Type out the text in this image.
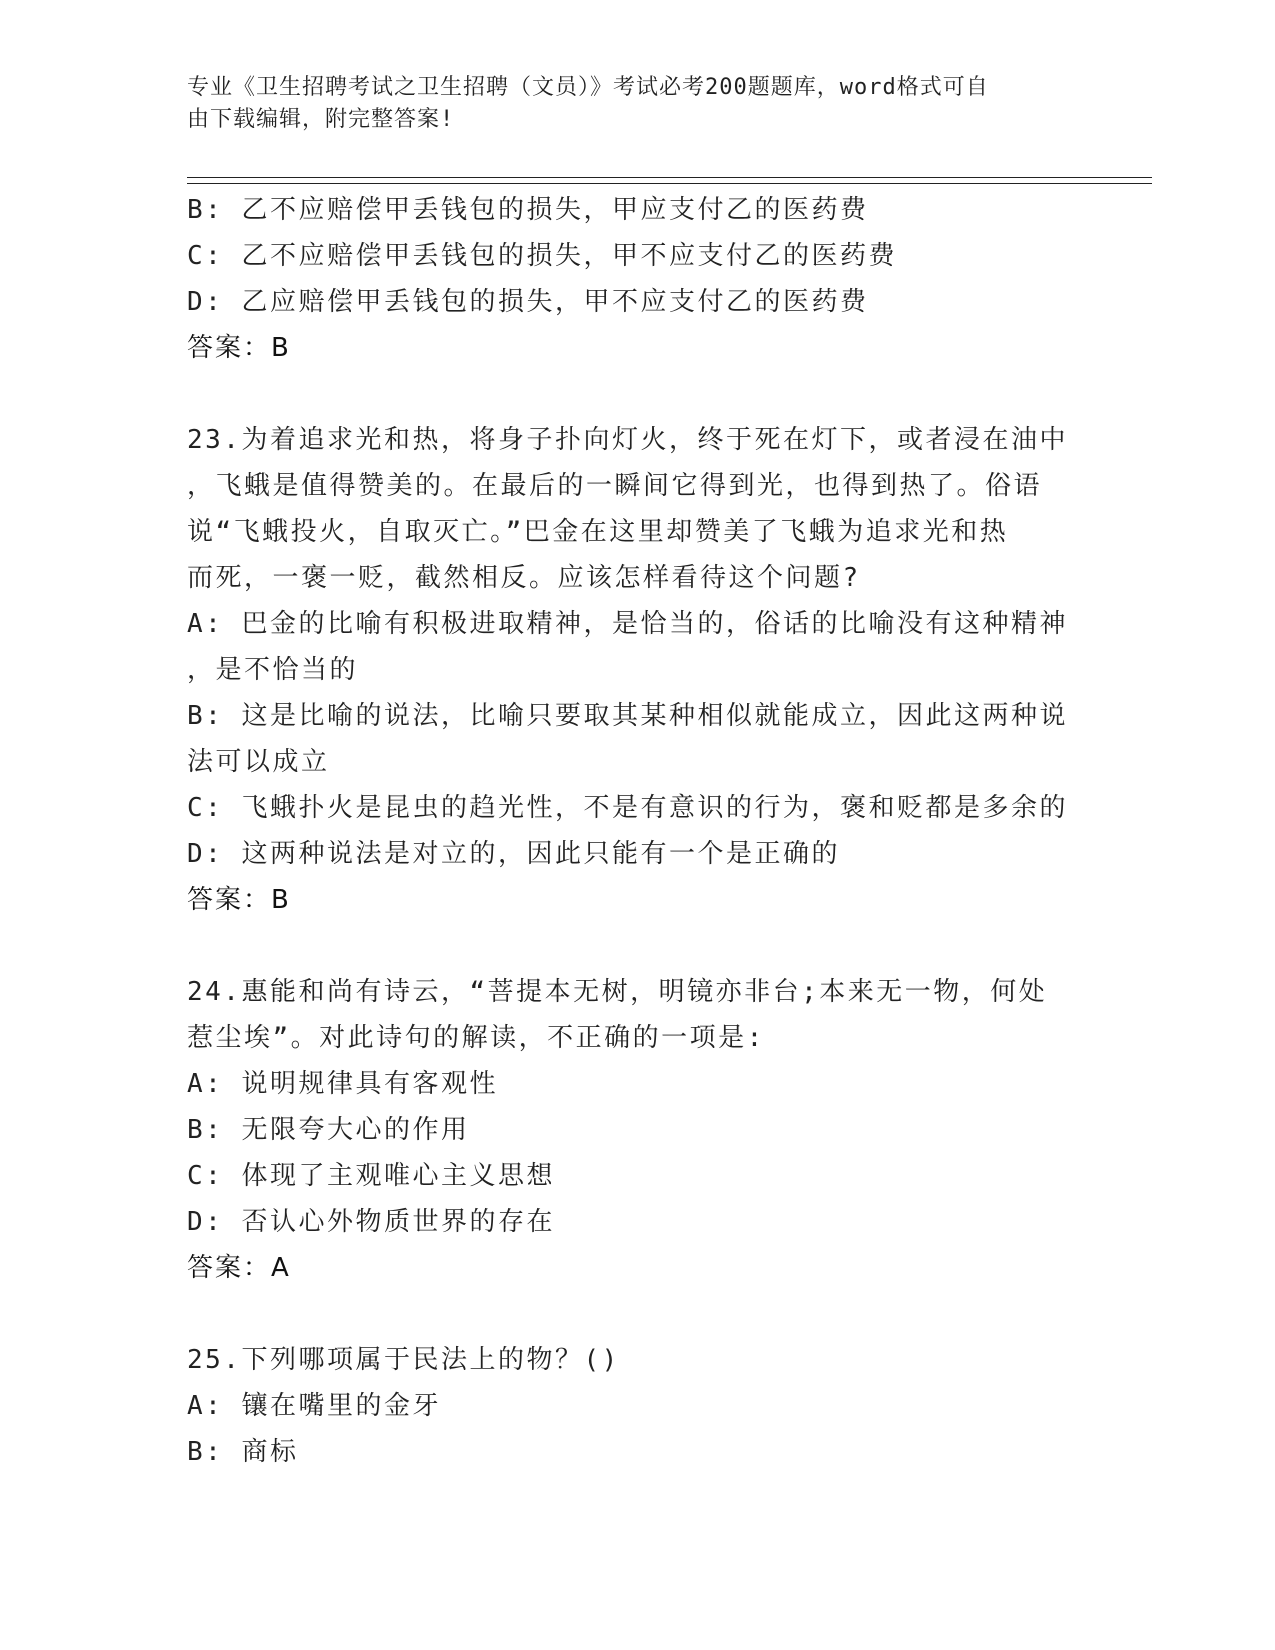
专业《卫生招聘考试之卫生招聘（文员）》考试必考200题题库，word格式可自
由下载编辑，附完整答案!
B: 乙不应赔偿甲丢钱包的损失，甲应支付乙的医药费
C: 乙不应赔偿甲丢钱包的损失，甲不应支付乙的医药费
D: 乙应赔偿甲丢钱包的损失，甲不应支付乙的医药费
答案：B
23.为着追求光和热，将身子扑向灯火，终于死在灯下，或者浸在油中
，飞蛾是值得赞美的。在最后的一瞬间它得到光，也得到热了。俗语
说“飞蛾投火，自取灭亡。”巴金在这里却赞美了飞蛾为追求光和热
而死，一褒一贬，截然相反。应该怎样看待这个问题?
A: 巴金的比喻有积极进取精神，是恰当的，俗话的比喻没有这种精神
，是不恰当的
B: 这是比喻的说法，比喻只要取其某种相似就能成立，因此这两种说
法可以成立
C: 飞蛾扑火是昆虫的趋光性，不是有意识的行为，褒和贬都是多余的
D: 这两种说法是对立的，因此只能有一个是正确的
答案：B
24.惠能和尚有诗云，“菩提本无树，明镜亦非台;本来无一物，何处
惹尘埃”。对此诗句的解读，不正确的一项是:
A: 说明规律具有客观性
B: 无限夸大心的作用
C: 体现了主观唯心主义思想
D: 否认心外物质世界的存在
答案：A
25.下列哪项属于民法上的物？()
A: 镶在嘴里的金牙
B: 商标
